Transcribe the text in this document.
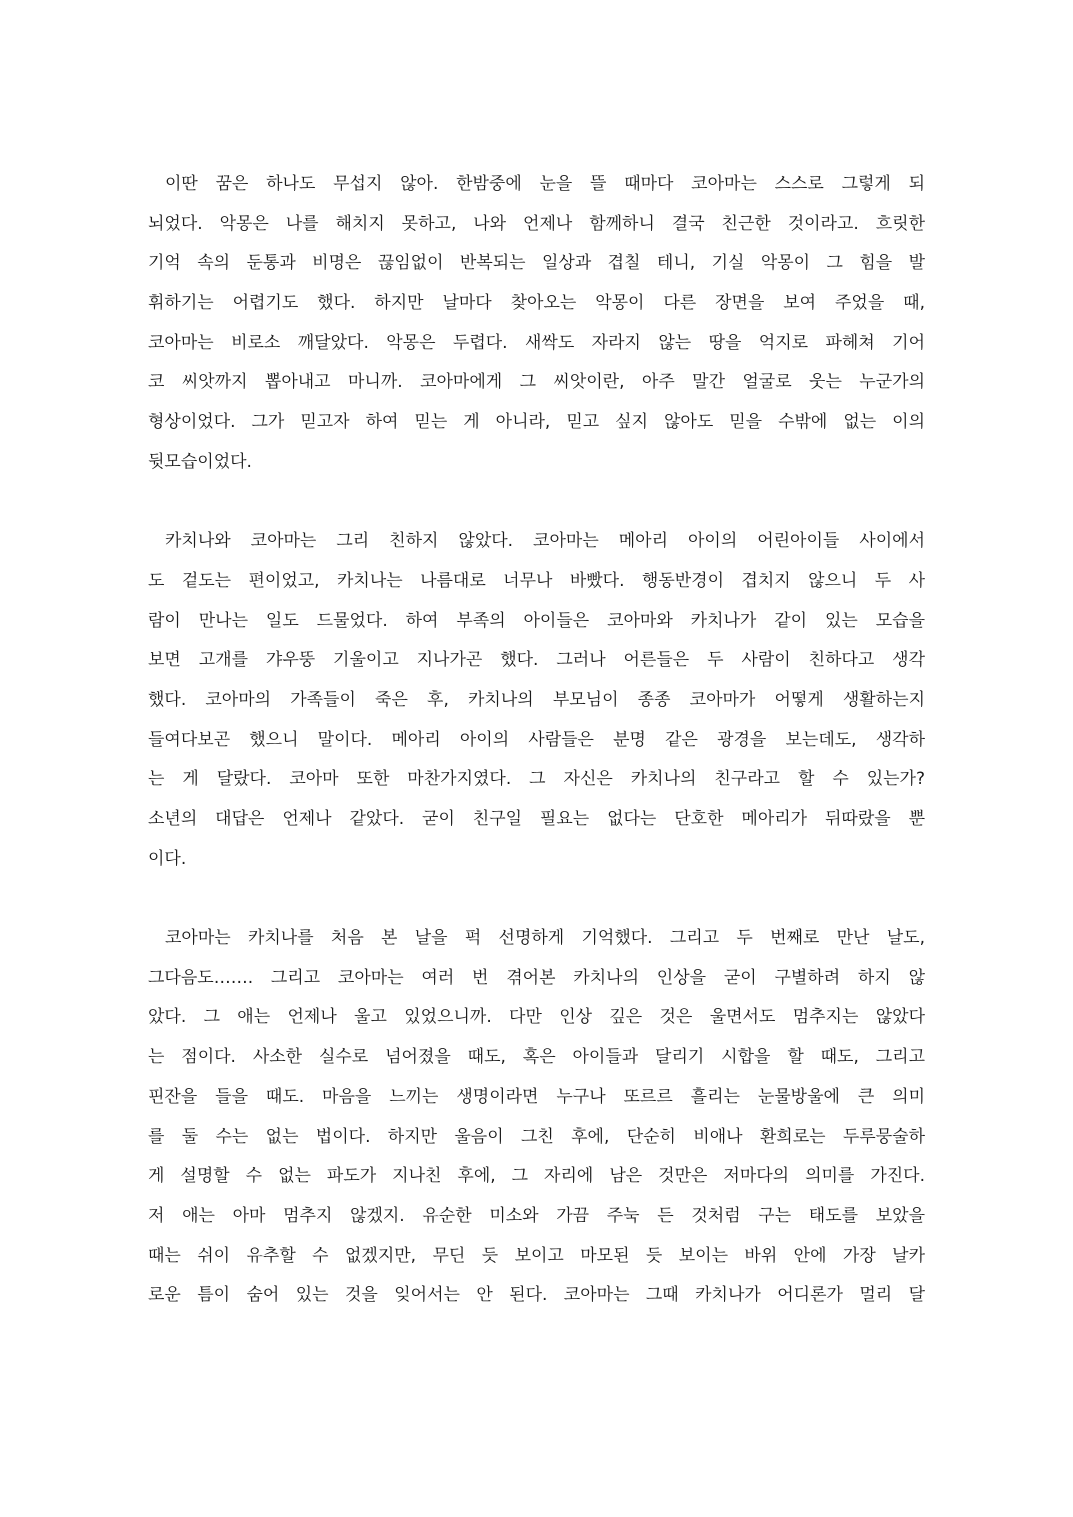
이딴 꿈은 하나도 무섭지 않아. 한밤중에 눈을 뜰 때마다 코아마는 스스로 그렇게 되
뇌었다. 악몽은 나를 해치지 못하고, 나와 언제나 함께하니 결국 친근한 것이라고. 흐릿한
기억 속의 둔통과 비명은 끊임없이 반복되는 일상과 겹칠 테니, 기실 악몽이 그 힘을 발
휘하기는 어렵기도 했다. 하지만 날마다 찾아오는 악몽이 다른 장면을 보여 주었을 때,
코아마는 비로소 깨달았다. 악몽은 두렵다. 새싹도 자라지 않는 땅을 억지로 파헤쳐 기어
코 씨앗까지 뽑아내고 마니까. 코아마에게 그 씨앗이란, 아주 말간 얼굴로 웃는 누군가의
형상이었다. 그가 믿고자 하여 믿는 게 아니라, 믿고 싶지 않아도 믿을 수밖에 없는 이의
뒷모습이었다.
카치나와 코아마는 그리 친하지 않았다. 코아마는 메아리 아이의 어린아이들 사이에서
도 겉도는 편이었고, 카치나는 나름대로 너무나 바빴다. 행동반경이 겹치지 않으니 두 사
람이 만나는 일도 드물었다. 하여 부족의 아이들은 코아마와 카치나가 같이 있는 모습을
보면 고개를 갸우뚱 기울이고 지나가곤 했다. 그러나 어른들은 두 사람이 친하다고 생각
했다. 코아마의 가족들이 죽은 후, 카치나의 부모님이 종종 코아마가 어떻게 생활하는지
들여다보곤 했으니 말이다. 메아리 아이의 사람들은 분명 같은 광경을 보는데도, 생각하
는 게 달랐다. 코아마 또한 마찬가지였다. 그 자신은 카치나의 친구라고 할 수 있는가?
소년의 대답은 언제나 같았다. 굳이 친구일 필요는 없다는 단호한 메아리가 뒤따랐을 뿐
이다.
코아마는 카치나를 처음 본 날을 퍽 선명하게 기억했다. 그리고 두 번째로 만난 날도,
그다음도……. 그리고 코아마는 여러 번 겪어본 카치나의 인상을 굳이 구별하려 하지 않
았다. 그 애는 언제나 울고 있었으니까. 다만 인상 깊은 것은 울면서도 멈추지는 않았다
는 점이다. 사소한 실수로 넘어졌을 때도, 혹은 아이들과 달리기 시합을 할 때도, 그리고
핀잔을 들을 때도. 마음을 느끼는 생명이라면 누구나 또르르 흘리는 눈물방울에 큰 의미
를 둘 수는 없는 법이다. 하지만 울음이 그친 후에, 단순히 비애나 환희로는 두루뭉술하
게 설명할 수 없는 파도가 지나친 후에, 그 자리에 남은 것만은 저마다의 의미를 가진다.
저 애는 아마 멈추지 않겠지. 유순한 미소와 가끔 주눅 든 것처럼 구는 태도를 보았을
때는 쉬이 유추할 수 없겠지만, 무딘 듯 보이고 마모된 듯 보이는 바위 안에 가장 날카
로운 틈이 숨어 있는 것을 잊어서는 안 된다. 코아마는 그때 카치나가 어디론가 멀리 달
